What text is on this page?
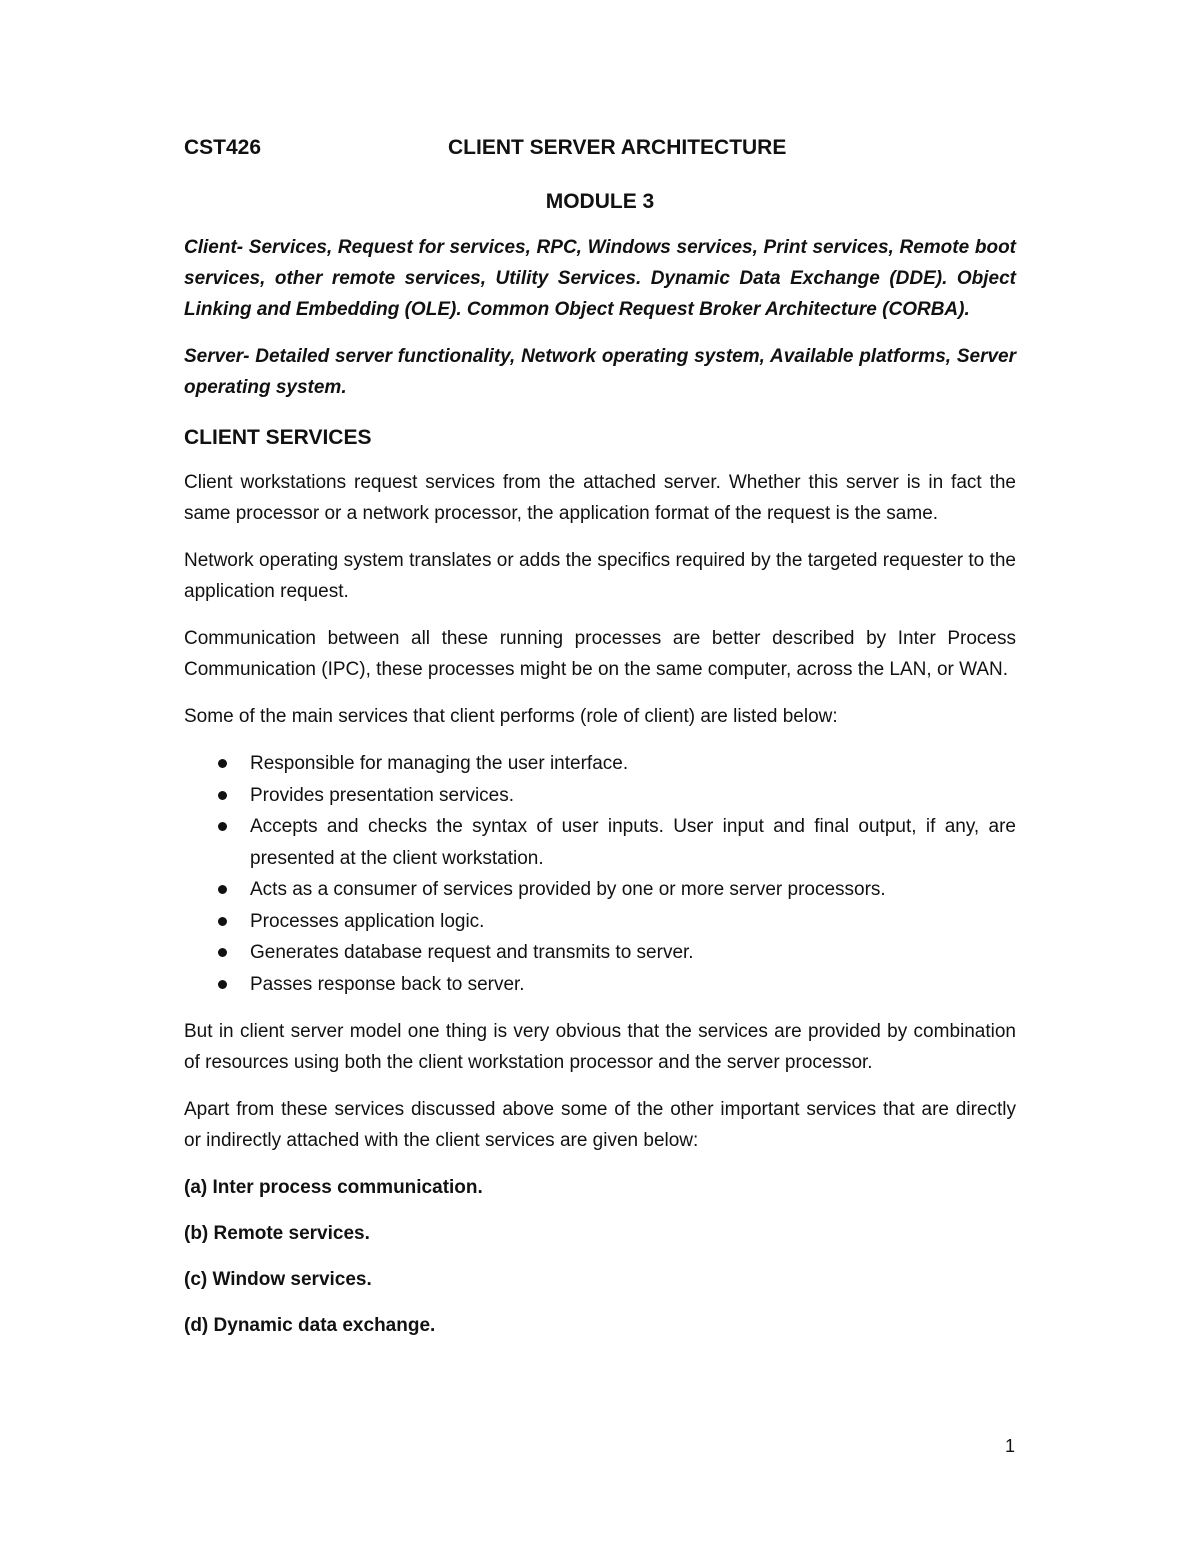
CST426	CLIENT SERVER ARCHITECTURE
MODULE 3

Client- Services, Request for services, RPC, Windows services, Print services, Remote boot services, other remote services, Utility Services. Dynamic Data Exchange (DDE). Object Linking and Embedding (OLE). Common Object Request Broker Architecture (CORBA).

Server- Detailed server functionality, Network operating system, Available platforms, Server operating system.

CLIENT SERVICES

Client workstations request services from the attached server. Whether this server is in fact the same processor or a network processor, the application format of the request is the same.

Network operating system translates or adds the specifics required by the targeted requester to the application request.

Communication between all these running processes are better described by Inter Process Communication (IPC), these processes might be on the same computer, across the LAN, or WAN.

Some of the main services that client performs (role of client) are listed below:

Responsible for managing the user interface.
Provides presentation services.
Accepts and checks the syntax of user inputs. User input and final output, if any, are presented at the client workstation.
Acts as a consumer of services provided by one or more server processors.
Processes application logic.
Generates database request and transmits to server.
Passes response back to server.

But in client server model one thing is very obvious that the services are provided by combination of resources using both the client workstation processor and the server processor.

Apart from these services discussed above some of the other important services that are directly or indirectly attached with the client services are given below:

(a) Inter process communication.
(b) Remote services.
(c) Window services.
(d) Dynamic data exchange.
1
